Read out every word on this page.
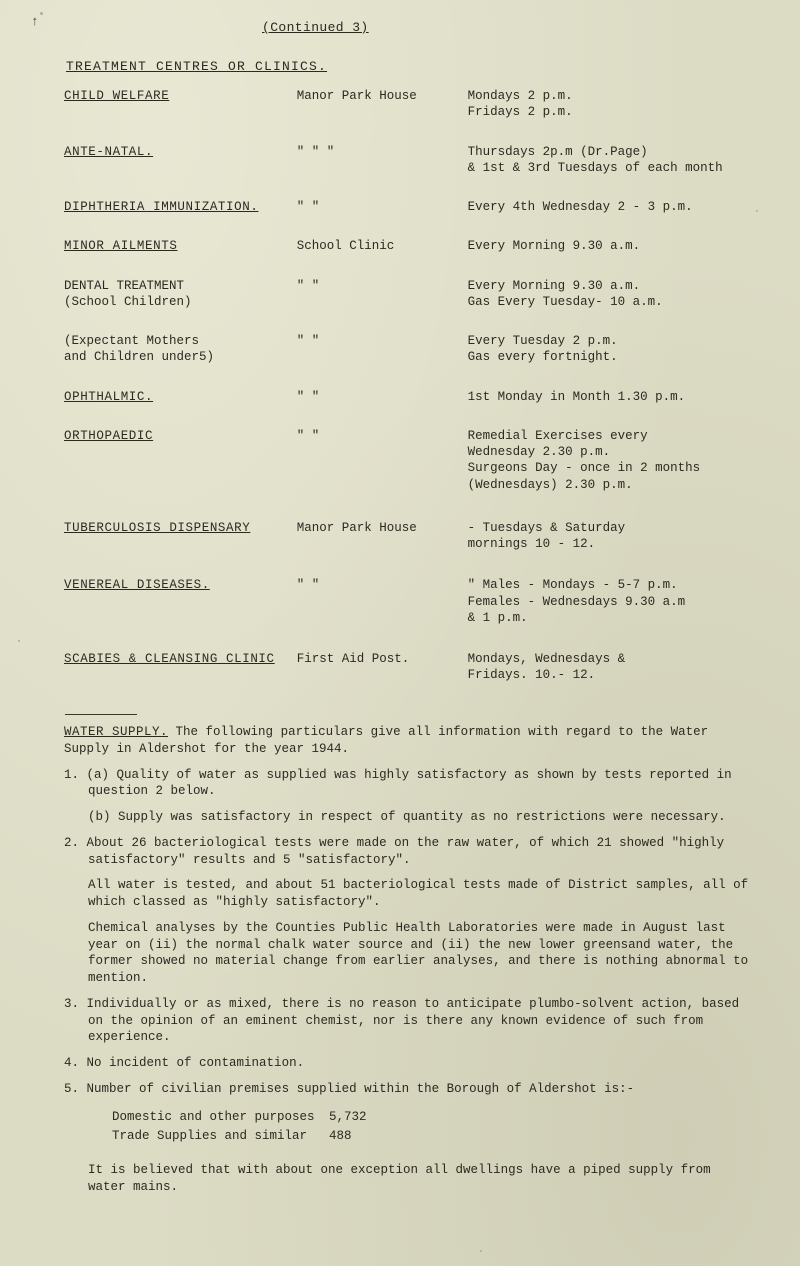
↑	(Continued 3)
TREATMENT CENTRES OR CLINICS.
CHILD WELFARE	Manor Park House	Mondays 2 p.m.
Fridays 2 p.m.
ANTE-NATAL.	" " "	Thursdays 2p.m (Dr.Page)
& 1st & 3rd Tuesdays of each month
DIPHTHERIA IMMUNIZATION.	" "	Every 4th Wednesday 2 - 3 p.m.
MINOR AILMENTS	School Clinic	Every Morning 9.30 a.m.
DENTAL TREATMENT
(School Children)	" "	Every Morning 9.30 a.m.
Gas Every Tuesday- 10 a.m.
(Expectant Mothers
and Children under5)	" "	Every Tuesday 2 p.m.
Gas every fortnight.
OPHTHALMIC.	" "	1st Monday in Month 1.30 p.m.
ORTHOPAEDIC	" "	Remedial Exercises every
Wednesday 2.30 p.m.
Surgeons Day - once in 2 months
(Wednesdays) 2.30 p.m.
TUBERCULOSIS DISPENSARY	Manor Park House	- Tuesdays & Saturday
mornings 10 - 12.
VENEREAL DISEASES.	" "	" Males - Mondays - 5-7 p.m.
Females - Wednesdays 9.30 a.m
& 1 p.m.
SCABIES & CLEANSING CLINIC	First Aid Post.	Mondays, Wednesdays &
Fridays. 10.- 12.
WATER SUPPLY. The following particulars give all information with regard to the Water Supply in Aldershot for the year 1944.
1. (a) Quality of water as supplied was highly satisfactory as shown by tests reported in question 2 below.
(b) Supply was satisfactory in respect of quantity as no restrictions were necessary.
2. About 26 bacteriological tests were made on the raw water, of which 21 showed "highly satisfactory" results and 5 "satisfactory".
All water is tested, and about 51 bacteriological tests made of District samples, all of which classed as "highly satisfactory".
Chemical analyses by the Counties Public Health Laboratories were made in August last year on (ii) the normal chalk water source and (ii) the new lower greensand water, the former showed no material change from earlier analyses, and there is nothing abnormal to mention.
3. Individually or as mixed, there is no reason to anticipate plumbo-solvent action, based on the opinion of an eminent chemist, nor is there any known evidence of such from experience.
4. No incident of contamination.
5. Number of civilian premises supplied within the Borough of Aldershot is:-
Domestic and other purposes	5,732
Trade Supplies and similar	488
It is believed that with about one exception all dwellings have a piped supply from water mains.
